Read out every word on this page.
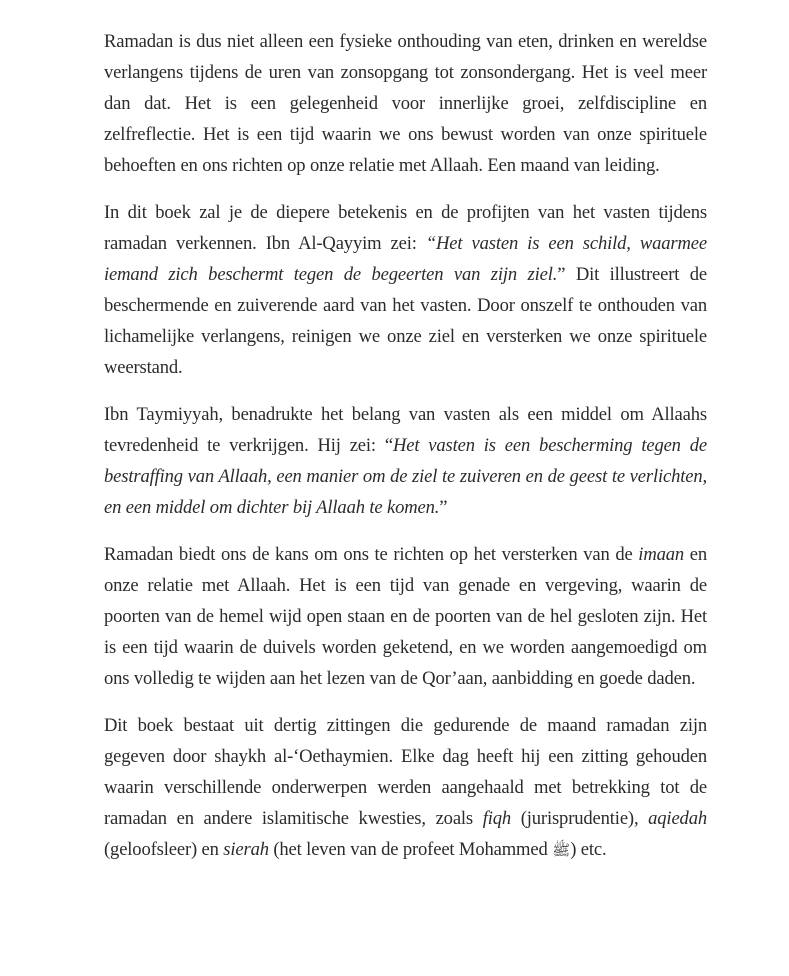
Ramadan is dus niet alleen een fysieke onthouding van eten, drinken en wereldse verlangens tijdens de uren van zonsopgang tot zonsondergang. Het is veel meer dan dat. Het is een gelegenheid voor innerlijke groei, zelfdiscipline en zelfreflectie. Het is een tijd waarin we ons bewust worden van onze spirituele behoeften en ons richten op onze relatie met Allaah. Een maand van leiding.

In dit boek zal je de diepere betekenis en de profijten van het vasten tijdens ramadan verkennen. Ibn Al-Qayyim zei: “Het vasten is een schild, waarmee iemand zich beschermt tegen de begeerten van zijn ziel.” Dit illustreert de beschermende en zuiverende aard van het vasten. Door onszelf te onthouden van lichamelijke verlangens, reinigen we onze ziel en versterken we onze spirituele weerstand.

Ibn Taymiyyah, benadrukte het belang van vasten als een middel om Allaahs tevredenheid te verkrijgen. Hij zei: “Het vasten is een bescherming tegen de bestraffing van Allaah, een manier om de ziel te zuiveren en de geest te verlichten, en een middel om dichter bij Allaah te komen.”

Ramadan biedt ons de kans om ons te richten op het versterken van de imaan en onze relatie met Allaah. Het is een tijd van genade en vergeving, waarin de poorten van de hemel wijd open staan en de poorten van de hel gesloten zijn. Het is een tijd waarin de duivels worden geketend, en we worden aangemoedigd om ons volledig te wijden aan het lezen van de Qor’aan, aanbidding en goede daden.

Dit boek bestaat uit dertig zittingen die gedurende de maand ramadan zijn gegeven door shaykh al-‘Oethaymien. Elke dag heeft hij een zitting gehouden waarin verschillende onderwerpen werden aangehaald met betrekking tot de ramadan en andere islamitische kwesties, zoals fiqh (jurisprudentie), aqiedah (geloofsleer) en sierah (het leven van de profeet Mohammed ﷺ) etc.
